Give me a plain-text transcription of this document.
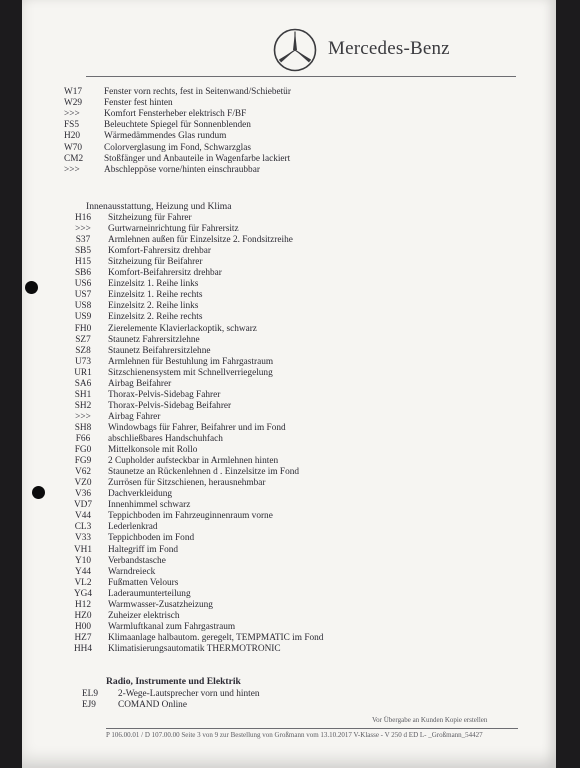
Mercedes-Benz
W17	Fenster vorn rechts, fest in Seitenwand/Schiebetür
W29	Fenster fest hinten
>>>	Komfort Fensterheber elektrisch F/BF
FS5	Beleuchtete Spiegel für Sonnenblenden
H20	Wärmedämmendes Glas rundum
W70	Colorverglasung im Fond, Schwarzglas
CM2	Stoßfänger und Anbauteile in Wagenfarbe lackiert
>>>	Abschleppöse vorne/hinten einschraubbar
Innenausstattung, Heizung und Klima
H16	Sitzheizung für Fahrer
>>>	Gurtwarneinrichtung für Fahrersitz
S37	Armlehnen außen für Einzelsitze 2. Fondsitzreihe
SB5	Komfort-Fahrersitz drehbar
H15	Sitzheizung für Beifahrer
SB6	Komfort-Beifahrersitz drehbar
US6	Einzelsitz 1. Reihe links
US7	Einzelsitz 1. Reihe rechts
US8	Einzelsitz 2. Reihe links
US9	Einzelsitz 2. Reihe rechts
FH0	Zierelemente Klavierlackoptik, schwarz
SZ7	Staunetz Fahrersitzlehne
SZ8	Staunetz Beifahrersitzlehne
U73	Armlehnen für Bestuhlung im Fahrgastraum
UR1	Sitzschienensystem mit Schnellverriegelung
SA6	Airbag Beifahrer
SH1	Thorax-Pelvis-Sidebag Fahrer
SH2	Thorax-Pelvis-Sidebag Beifahrer
>>>	Airbag Fahrer
SH8	Windowbags für Fahrer, Beifahrer und im Fond
F66	abschließbares Handschuhfach
FG0	Mittelkonsole mit Rollo
FG9	2 Cupholder aufsteckbar in Armlehnen hinten
V62	Staunetze an Rückenlehnen d . Einzelsitze im Fond
VZ0	Zurrösen für Sitzschienen, herausnehmbar
V36	Dachverkleidung
VD7	Innenhimmel schwarz
V44	Teppichboden im Fahrzeuginnenraum vorne
CL3	Lederlenkrad
V33	Teppichboden im Fond
VH1	Haltegriff im Fond
Y10	Verbandstasche
Y44	Warndreieck
VL2	Fußmatten Velours
YG4	Laderaumunterteilung
H12	Warmwasser-Zusatzheizung
HZ0	Zuheizer elektrisch
H00	Warmluftkanal zum Fahrgastraum
HZ7	Klimaanlage halbautom. geregelt, TEMPMATIC im Fond
HH4	Klimatisierungsautomatik THERMOTRONIC
Radio, Instrumente und Elektrik
EL9	2-Wege-Lautsprecher vorn und hinten
EJ9	COMAND Online
Vor Übergabe an Kunden Kopie erstellen
P 106.00.01 / D 107.00.00 Seite 3 von 9 zur Bestellung von Großmann vom 13.10.2017 V-Klasse - V 250 d ED L- _Großmann_54427
